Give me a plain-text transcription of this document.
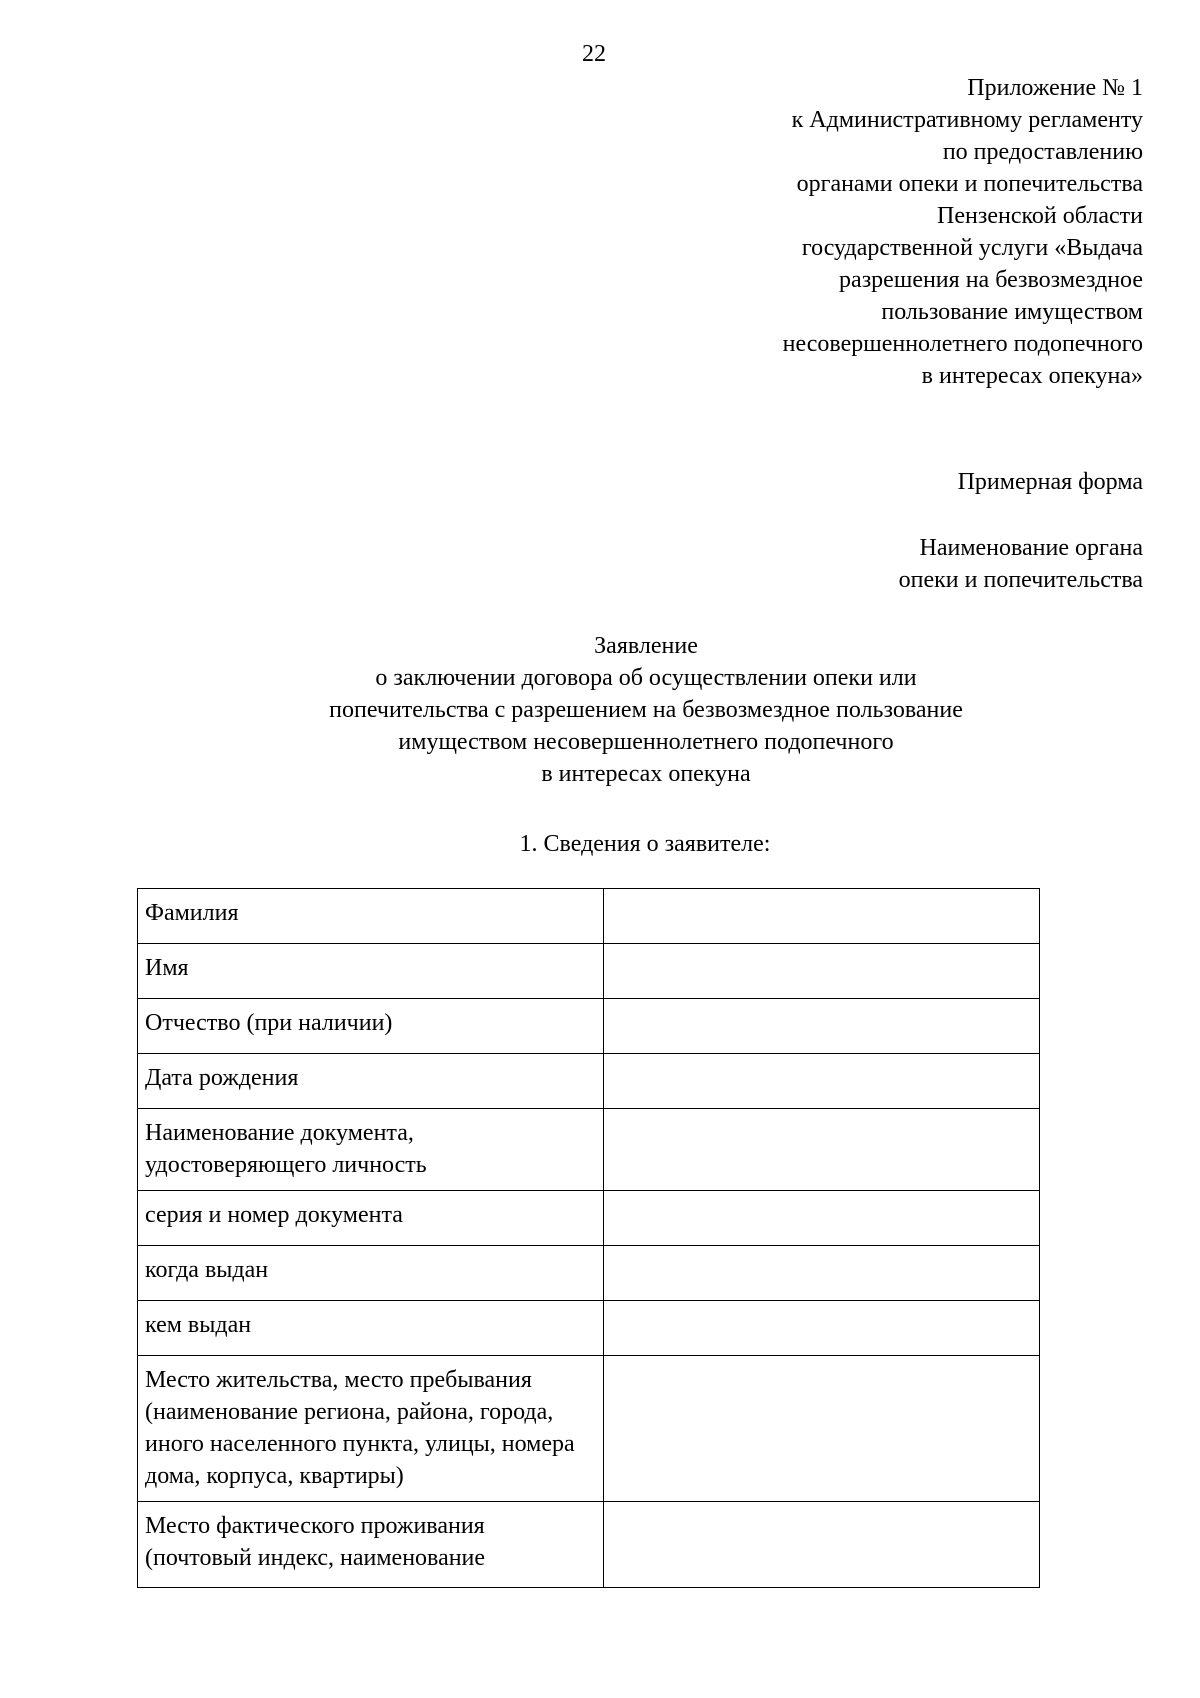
22
Приложение № 1
к Административному регламенту
по предоставлению
органами опеки и попечительства
Пензенской области
государственной услуги «Выдача
разрешения на безвозмездное
пользование имуществом
несовершеннолетнего подопечного
в интересах опекуна»
Примерная форма
Наименование органа
опеки и попечительства
Заявление
о заключении договора об осуществлении опеки или
попечительства с разрешением на безвозмездное пользование
имуществом несовершеннолетнего подопечного
в интересах опекуна
1. Сведения о заявителе:
Фамилия	
Имя	
Отчество (при наличии)	
Дата рождения	
Наименование документа, удостоверяющего личность	
серия и номер документа	
когда выдан	
кем выдан	
Место жительства, место пребывания (наименование региона, района, города, иного населенного пункта, улицы, номера дома, корпуса, квартиры)	
Место фактического проживания (почтовый индекс, наименование	
